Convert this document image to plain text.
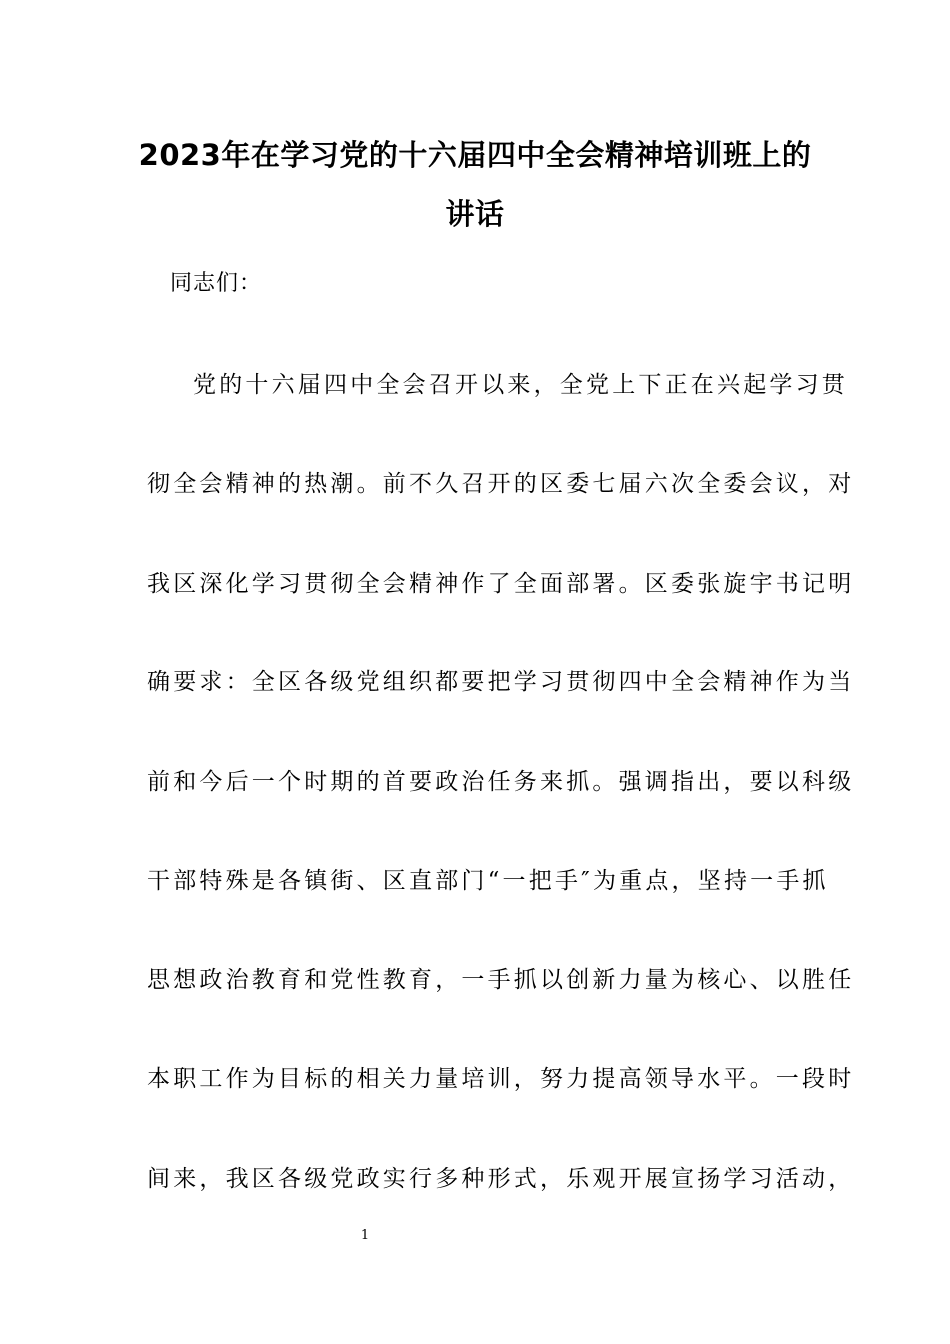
2023年在学习党的十六届四中全会精神培训班上的
讲话
同志们：
党的十六届四中全会召开以来，全党上下正在兴起学习贯
彻全会精神的热潮。前不久召开的区委七届六次全委会议，对
我区深化学习贯彻全会精神作了全面部署。区委张旋宇书记明
确要求：全区各级党组织都要把学习贯彻四中全会精神作为当
前和今后一个时期的首要政治任务来抓。强调指出，要以科级
干部特殊是各镇街、区直部门“一把手″为重点，坚持一手抓
思想政治教育和党性教育，一手抓以创新力量为核心、以胜任
本职工作为目标的相关力量培训，努力提高领导水平。一段时
间来，我区各级党政实行多种形式，乐观开展宣扬学习活动，
1
